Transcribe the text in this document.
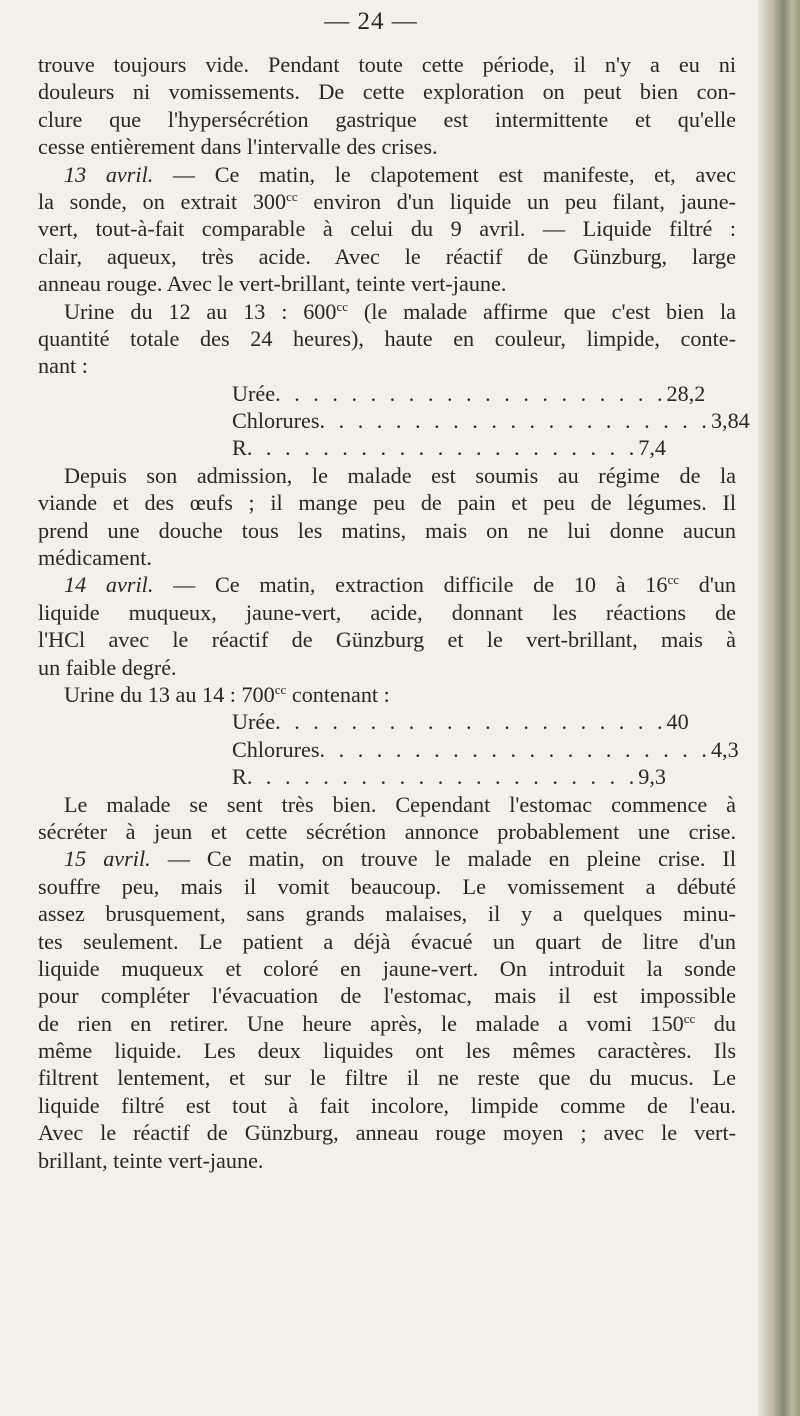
— 24 —
trouve toujours vide. Pendant toute cette période, il n'y a eu ni
douleurs ni vomissements. De cette exploration on peut bien con-
clure que l'hypersécrétion gastrique est intermittente et qu'elle
cesse entièrement dans l'intervalle des crises.
13 avril. — Ce matin, le clapotement est manifeste, et, avec
la sonde, on extrait $300^{cc}$ environ d'un liquide un peu filant, jaune-
vert, tout-à-fait comparable à celui du 9 avril. — Liquide filtré :
clair, aqueux, très acide. Avec le réactif de Günzburg, large
anneau rouge. Avec le vert-brillant, teinte vert-jaune.
Urine du 12 au 13 : $600^{cc}$ (le malade affirme que c'est bien la
quantité totale des 24 heures), haute en couleur, limpide, conte-
nant :
Urée . . . . . . . . . . . . . . . . . . . . . 28,2
Chlorures . . . . . . . . . . . . . . . . . . . . . 3,84
R . . . . . . . . . . . . . . . . . . . . . 7,4
Depuis son admission, le malade est soumis au régime de la
viande et des œufs ; il mange peu de pain et peu de légumes. Il
prend une douche tous les matins, mais on ne lui donne aucun
médicament.
14 avril. — Ce matin, extraction difficile de 10 à $16^{cc}$ d'un
liquide muqueux, jaune-vert, acide, donnant les réactions de
l'HCl avec le réactif de Günzburg et le vert-brillant, mais à
un faible degré.
Urine du 13 au 14 : $700^{cc}$ contenant :
Urée . . . . . . . . . . . . . . . . . . . . . 40
Chlorures . . . . . . . . . . . . . . . . . . . . . 4,3
R . . . . . . . . . . . . . . . . . . . . . 9,3
Le malade se sent très bien. Cependant l'estomac commence à
sécréter à jeun et cette sécrétion annonce probablement une crise.
15 avril. — Ce matin, on trouve le malade en pleine crise. Il
souffre peu, mais il vomit beaucoup. Le vomissement a débuté
assez brusquement, sans grands malaises, il y a quelques minu-
tes seulement. Le patient a déjà évacué un quart de litre d'un
liquide muqueux et coloré en jaune-vert. On introduit la sonde
pour compléter l'évacuation de l'estomac, mais il est impossible
de rien en retirer. Une heure après, le malade a vomi $150^{cc}$ du
même liquide. Les deux liquides ont les mêmes caractères. Ils
filtrent lentement, et sur le filtre il ne reste que du mucus. Le
liquide filtré est tout à fait incolore, limpide comme de l'eau.
Avec le réactif de Günzburg, anneau rouge moyen ; avec le vert-
brillant, teinte vert-jaune.
